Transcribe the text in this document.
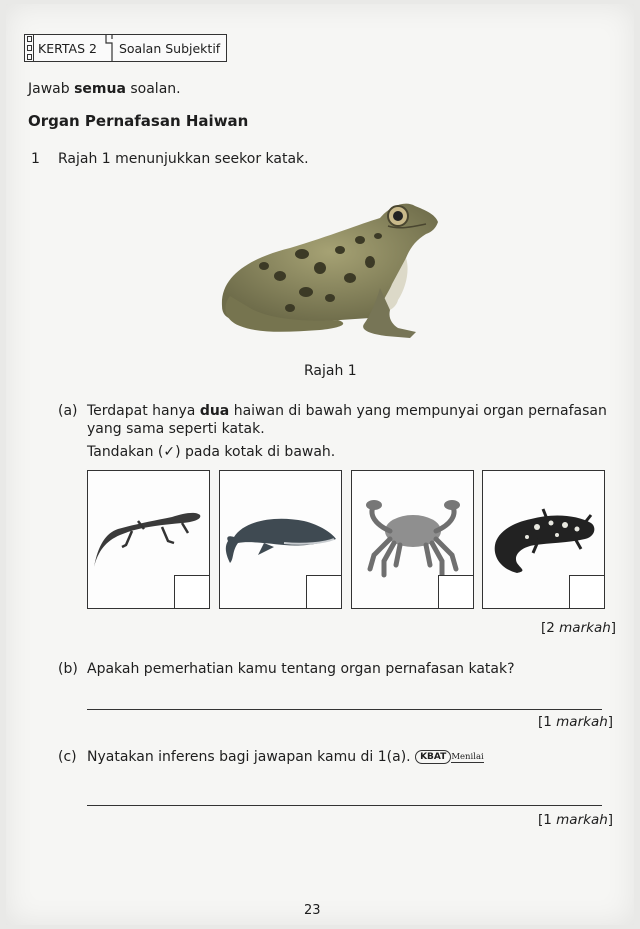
KERTAS 2	Soalan Subjektif
Jawab semua soalan.
Organ Pernafasan Haiwan
1 Rajah 1 menunjukkan seekor katak.
Rajah 1
(a) Terdapat hanya dua haiwan di bawah yang mempunyai organ pernafasan
yang sama seperti katak.
Tandakan (✓) pada kotak di bawah.
[2 markah]
(b) Apakah pemerhatian kamu tentang organ pernafasan katak?
[1 markah]
(c) Nyatakan inferens bagi jawapan kamu di 1(a). KBAT Menilai
[1 markah]
23
